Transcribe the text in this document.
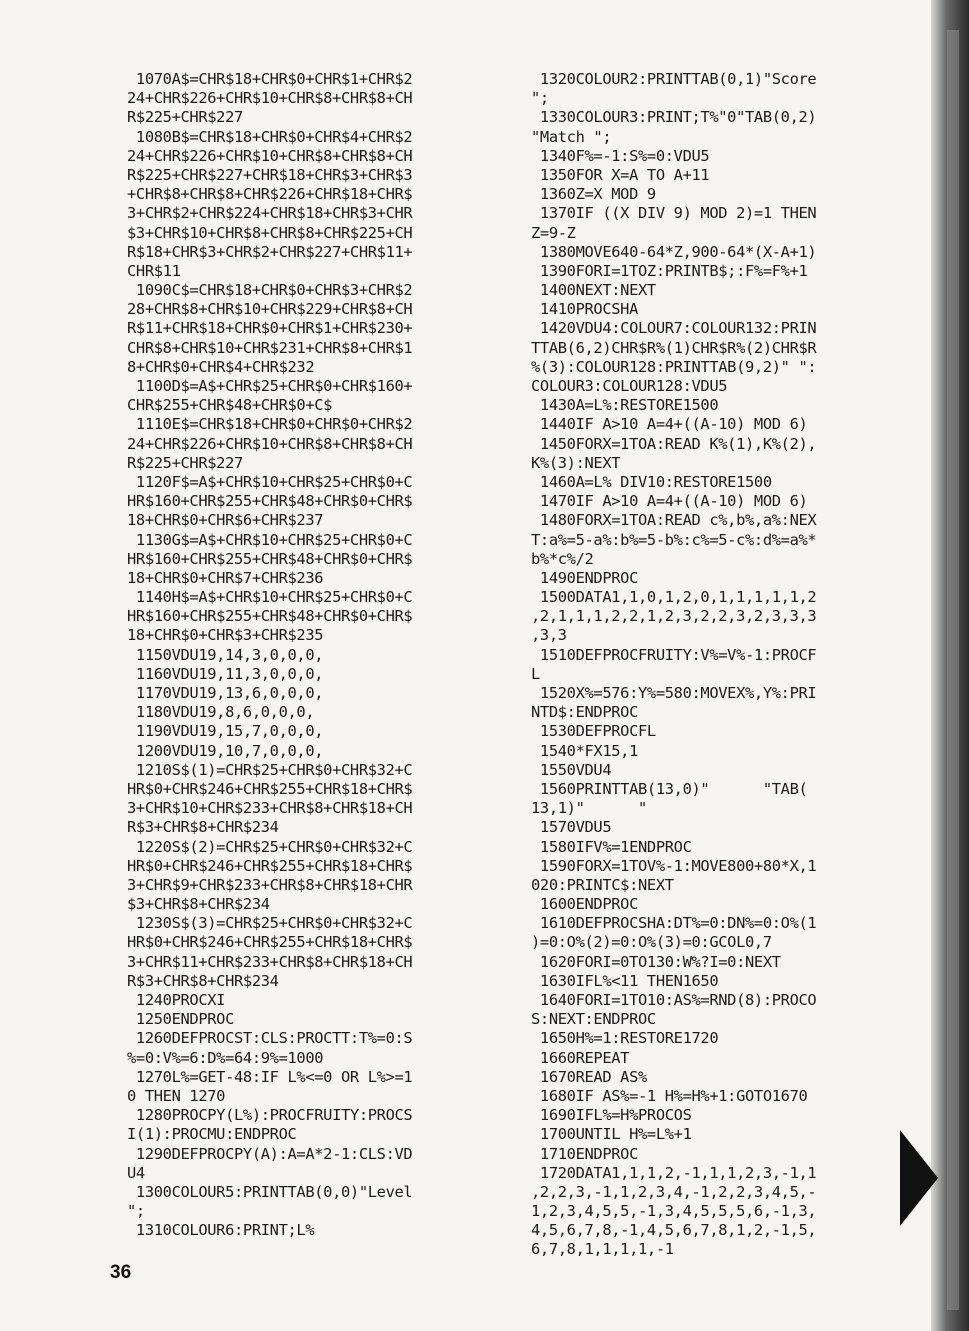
1070A$=CHR$18+CHR$0+CHR$1+CHR$2
24+CHR$226+CHR$10+CHR$8+CHR$8+CH
R$225+CHR$227
1080B$=CHR$18+CHR$0+CHR$4+CHR$2
24+CHR$226+CHR$10+CHR$8+CHR$8+CH
R$225+CHR$227+CHR$18+CHR$3+CHR$3
+CHR$8+CHR$8+CHR$226+CHR$18+CHR$
3+CHR$2+CHR$224+CHR$18+CHR$3+CHR
$3+CHR$10+CHR$8+CHR$8+CHR$225+CH
R$18+CHR$3+CHR$2+CHR$227+CHR$11+
CHR$11
1090C$=CHR$18+CHR$0+CHR$3+CHR$2
28+CHR$8+CHR$10+CHR$229+CHR$8+CH
R$11+CHR$18+CHR$0+CHR$1+CHR$230+
CHR$8+CHR$10+CHR$231+CHR$8+CHR$1
8+CHR$0+CHR$4+CHR$232
1100D$=A$+CHR$25+CHR$0+CHR$160+
CHR$255+CHR$48+CHR$0+C$
1110E$=CHR$18+CHR$0+CHR$0+CHR$2
24+CHR$226+CHR$10+CHR$8+CHR$8+CH
R$225+CHR$227
1120F$=A$+CHR$10+CHR$25+CHR$0+C
HR$160+CHR$255+CHR$48+CHR$0+CHR$
18+CHR$0+CHR$6+CHR$237
1130G$=A$+CHR$10+CHR$25+CHR$0+C
HR$160+CHR$255+CHR$48+CHR$0+CHR$
18+CHR$0+CHR$7+CHR$236
1140H$=A$+CHR$10+CHR$25+CHR$0+C
HR$160+CHR$255+CHR$48+CHR$0+CHR$
18+CHR$0+CHR$3+CHR$235
1150VDU19,14,3,0,0,0,
1160VDU19,11,3,0,0,0,
1170VDU19,13,6,0,0,0,
1180VDU19,8,6,0,0,0,
1190VDU19,15,7,0,0,0,
1200VDU19,10,7,0,0,0,
1210S$(1)=CHR$25+CHR$0+CHR$32+C
HR$0+CHR$246+CHR$255+CHR$18+CHR$
3+CHR$10+CHR$233+CHR$8+CHR$18+CH
R$3+CHR$8+CHR$234
1220S$(2)=CHR$25+CHR$0+CHR$32+C
HR$0+CHR$246+CHR$255+CHR$18+CHR$
3+CHR$9+CHR$233+CHR$8+CHR$18+CHR
$3+CHR$8+CHR$234
1230S$(3)=CHR$25+CHR$0+CHR$32+C
HR$0+CHR$246+CHR$255+CHR$18+CHR$
3+CHR$11+CHR$233+CHR$8+CHR$18+CH
R$3+CHR$8+CHR$234
1240PROCXI
1250ENDPROC
1260DEFPROCST:CLS:PROCTT:T%=0:S
%=0:V%=6:D%=64:9%=1000
1270L%=GET-48:IF L%<=0 OR L%>=1
0 THEN 1270
1280PROCPY(L%):PROCFRUITY:PROCS
I(1):PROCMU:ENDPROC
1290DEFPROCPY(A):A=A*2-1:CLS:VD
U4
1300COLOUR5:PRINTTAB(0,0)"Level
";
1310COLOUR6:PRINT;L%
1320COLOUR2:PRINTTAB(0,1)"Score
";
1330COLOUR3:PRINT;T%"0"TAB(0,2)
"Match ";
1340F%=-1:S%=0:VDU5
1350FOR X=A TO A+11
1360Z=X MOD 9
1370IF ((X DIV 9) MOD 2)=1 THEN
Z=9-Z
1380MOVE640-64*Z,900-64*(X-A+1)
1390FORI=1TOZ:PRINTB$;:F%=F%+1
1400NEXT:NEXT
1410PROCSHA
1420VDU4:COLOUR7:COLOUR132:PRIN
TTAB(6,2)CHR$R%(1)CHR$R%(2)CHR$R
%(3):COLOUR128:PRINTTAB(9,2)" ":
COLOUR3:COLOUR128:VDU5
1430A=L%:RESTORE1500
1440IF A>10 A=4+((A-10) MOD 6)
1450FORX=1TOA:READ K%(1),K%(2),
K%(3):NEXT
1460A=L% DIV10:RESTORE1500
1470IF A>10 A=4+((A-10) MOD 6)
1480FORX=1TOA:READ c%,b%,a%:NEX
T:a%=5-a%:b%=5-b%:c%=5-c%:d%=a%*
b%*c%/2
1490ENDPROC
1500DATA1,1,0,1,2,0,1,1,1,1,1,2
,2,1,1,1,2,2,1,2,3,2,2,3,2,3,3,3
,3,3
1510DEFPROCFRUITY:V%=V%-1:PROCF
L
1520X%=576:Y%=580:MOVEX%,Y%:PRI
NTD$:ENDPROC
1530DEFPROCFL
1540*FX15,1
1550VDU4
1560PRINTTAB(13,0)"      "TAB(
13,1)"      "
1570VDU5
1580IFV%=1ENDPROC
1590FORX=1TOV%-1:MOVE800+80*X,1
020:PRINTC$:NEXT
1600ENDPROC
1610DEFPROCSHA:DT%=0:DN%=0:O%(1
)=0:O%(2)=0:O%(3)=0:GCOL0,7
1620FORI=0TO130:W%?I=0:NEXT
1630IFL%<11 THEN1650
1640FORI=1TO10:AS%=RND(8):PROCO
S:NEXT:ENDPROC
1650H%=1:RESTORE1720
1660REPEAT
1670READ AS%
1680IF AS%=-1 H%=H%+1:GOTO1670
1690IFL%=H%PROCOS
1700UNTIL H%=L%+1
1710ENDPROC
1720DATA1,1,1,2,-1,1,1,2,3,-1,1
,2,2,3,-1,1,2,3,4,-1,2,2,3,4,5,-
1,2,3,4,5,5,-1,3,4,5,5,5,6,-1,3,
4,5,6,7,8,-1,4,5,6,7,8,1,2,-1,5,
6,7,8,1,1,1,1,-1
36
